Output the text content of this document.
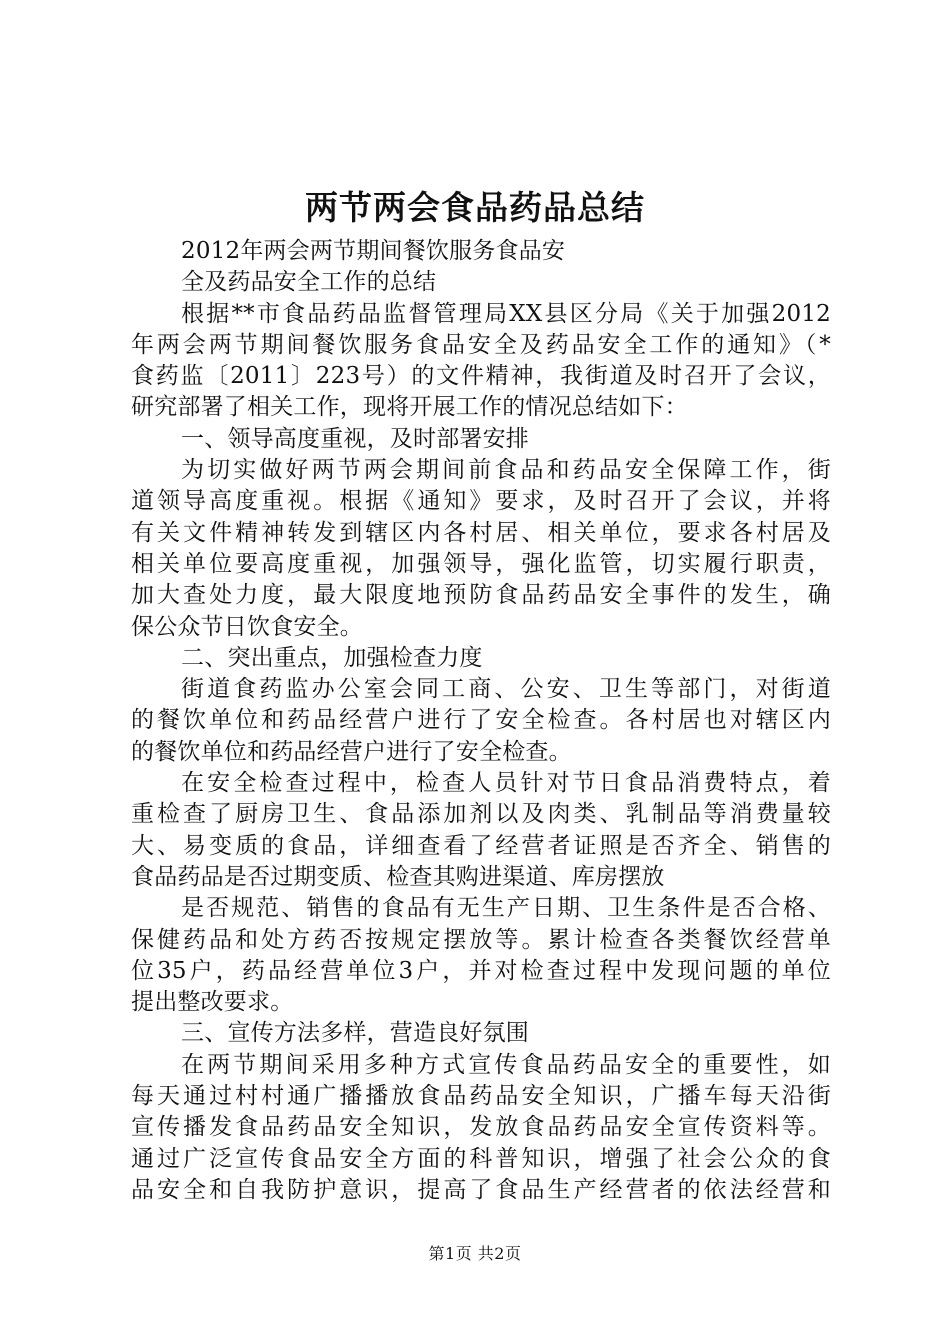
两节两会食品药品总结
2012年两会两节期间餐饮服务食品安
全及药品安全工作的总结
根据**市食品药品监督管理局XX县区分局《关于加强2012
年两会两节期间餐饮服务食品安全及药品安全工作的通知》（*
食药监〔2011〕223号）的文件精神，我街道及时召开了会议，
研究部署了相关工作，现将开展工作的情况总结如下：
一、领导高度重视，及时部署安排
为切实做好两节两会期间前食品和药品安全保障工作，街
道领导高度重视。根据《通知》要求，及时召开了会议，并将
有关文件精神转发到辖区内各村居、相关单位，要求各村居及
相关单位要高度重视，加强领导，强化监管，切实履行职责，
加大查处力度，最大限度地预防食品药品安全事件的发生，确
保公众节日饮食安全。
二、突出重点，加强检查力度
街道食药监办公室会同工商、公安、卫生等部门，对街道
的餐饮单位和药品经营户进行了安全检查。各村居也对辖区内
的餐饮单位和药品经营户进行了安全检查。
在安全检查过程中，检查人员针对节日食品消费特点，着
重检查了厨房卫生、食品添加剂以及肉类、乳制品等消费量较
大、易变质的食品，详细查看了经营者证照是否齐全、销售的
食品药品是否过期变质、检查其购进渠道、库房摆放
是否规范、销售的食品有无生产日期、卫生条件是否合格、
保健药品和处方药否按规定摆放等。累计检查各类餐饮经营单
位35户，药品经营单位3户，并对检查过程中发现问题的单位
提出整改要求。
三、宣传方法多样，营造良好氛围
在两节期间采用多种方式宣传食品药品安全的重要性，如
每天通过村村通广播播放食品药品安全知识，广播车每天沿街
宣传播发食品药品安全知识，发放食品药品安全宣传资料等。
通过广泛宣传食品安全方面的科普知识，增强了社会公众的食
品安全和自我防护意识，提高了食品生产经营者的依法经营和
第1页 共2页
